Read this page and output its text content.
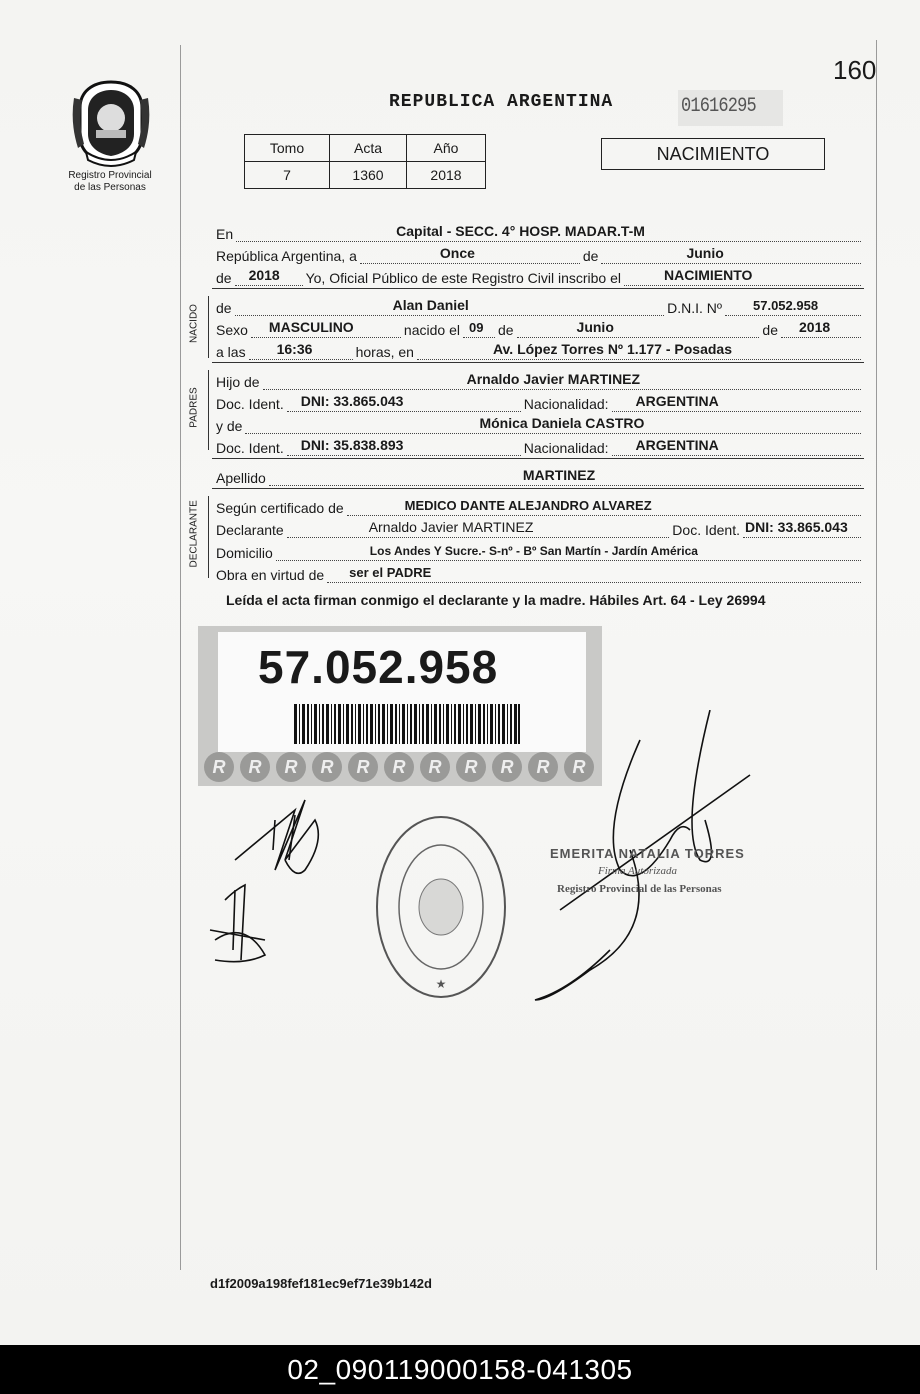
160
Registro Provincial
de las Personas
REPUBLICA ARGENTINA	01616295
Tomo	Acta	Año
7	1360	2018
NACIMIENTO
En	Capital - SECC. 4° HOSP. MADAR.T-M
República Argentina, a	Once	de	Junio
de 2018 Yo, Oficial Público de este Registro Civil inscribo el	NACIMIENTO
NACIDO de	Alan Daniel	D.N.I. Nº 57.052.958
Sexo MASCULINO	nacido el 09 de	Junio	de 2018
a las 16:36	horas, en	Av. López Torres Nº 1.177 - Posadas
PADRES
Hijo de	Arnaldo Javier MARTINEZ
Doc. Ident. DNI: 33.865.043	Nacionalidad: ARGENTINA
y de	Mónica Daniela CASTRO
Doc. Ident. DNI: 35.838.893	Nacionalidad: ARGENTINA
Apellido	MARTINEZ
DECLARANTE Según certificado de	MEDICO DANTE ALEJANDRO ALVAREZ
Declarante	Arnaldo Javier MARTINEZ	Doc. Ident. DNI: 33.865.043
Domicilio	Los Andes Y Sucre.- S-nº - Bº San Martín - Jardín América
Obra en virtud de ser el PADRE
Leída el acta firman conmigo el declarante y la madre. Hábiles Art. 64 - Ley 26994
57.052.958
R	R	R	R	R	R	R	R	R	R	R
★
EMERITA NATALIA TORRES
Firma Autorizada
Registro Provincial de las Personas
d1f2009a198fef181ec9ef71e39b142d
02_090119000158-041305
